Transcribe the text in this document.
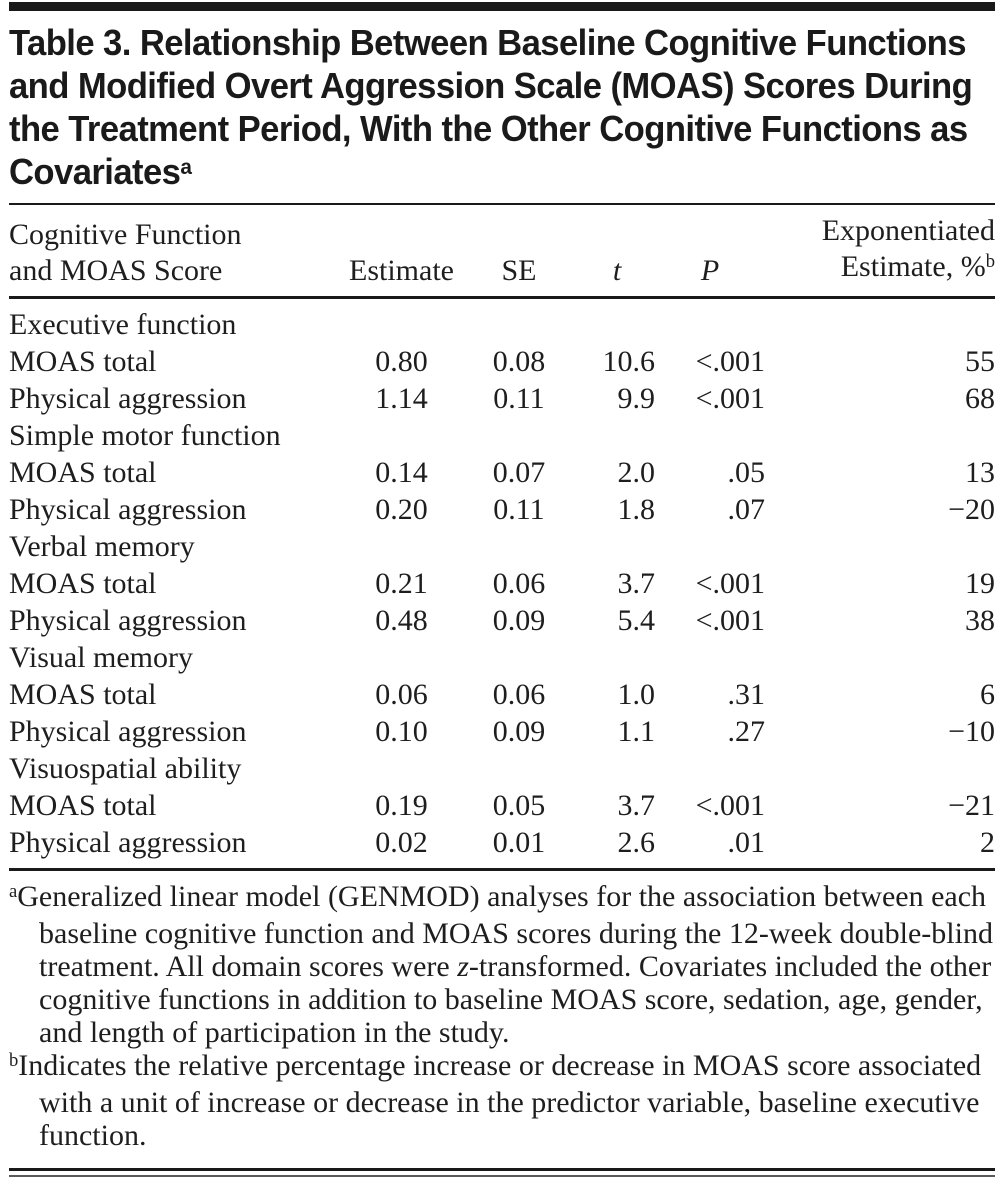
Table 3. Relationship Between Baseline Cognitive Functions and Modified Overt Aggression Scale (MOAS) Scores During the Treatment Period, With the Other Cognitive Functions as Covariates$^a$
Cognitive Function and MOAS Score	Estimate	SE	t	P	Exponentiated Estimate, %$^b$

Executive function					
MOAS total	0.80	0.08	10.6	<.001	55
Physical aggression	1.14	0.11	9.9	<.001	68
Simple motor function					
MOAS total	0.14	0.07	2.0	.05	13
Physical aggression	0.20	0.11	1.8	.07	−20
Verbal memory					
MOAS total	0.21	0.06	3.7	<.001	19
Physical aggression	0.48	0.09	5.4	<.001	38
Visual memory					
MOAS total	0.06	0.06	1.0	.31	6
Physical aggression	0.10	0.09	1.1	.27	−10
Visuospatial ability					
MOAS total	0.19	0.05	3.7	<.001	−21
Physical aggression	0.02	0.01	2.6	.01	2
$^a$Generalized linear model (GENMOD) analyses for the association between each baseline cognitive function and MOAS scores during the 12-week double-blind treatment. All domain scores were z-transformed. Covariates included the other cognitive functions in addition to baseline MOAS score, sedation, age, gender, and length of participation in the study.
$^b$Indicates the relative percentage increase or decrease in MOAS score associated with a unit of increase or decrease in the predictor variable, baseline executive function.
